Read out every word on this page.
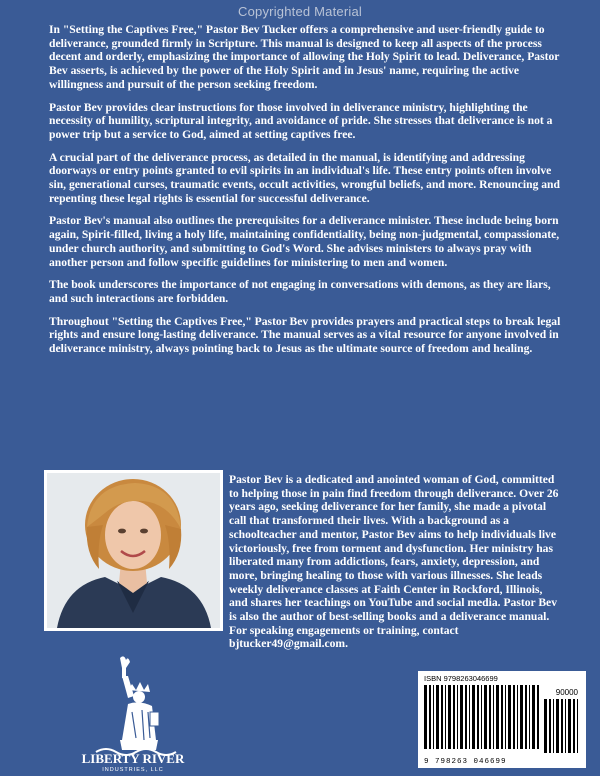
Copyrighted Material

In "Setting the Captives Free," Pastor Bev Tucker offers a comprehensive and user-friendly guide to deliverance, grounded firmly in Scripture. This manual is designed to keep all aspects of the process decent and orderly, emphasizing the importance of allowing the Holy Spirit to lead. Deliverance, Pastor Bev asserts, is achieved by the power of the Holy Spirit and in Jesus' name, requiring the active willingness and pursuit of the person seeking freedom.

Pastor Bev provides clear instructions for those involved in deliverance ministry, highlighting the necessity of humility, scriptural integrity, and avoidance of pride. She stresses that deliverance is not a power trip but a service to God, aimed at setting captives free.

A crucial part of the deliverance process, as detailed in the manual, is identifying and addressing doorways or entry points granted to evil spirits in an individual's life. These entry points often involve sin, generational curses, traumatic events, occult activities, wrongful beliefs, and more. Renouncing and repenting these legal rights is essential for successful deliverance.

Pastor Bev's manual also outlines the prerequisites for a deliverance minister. These include being born again, Spirit-filled, living a holy life, maintaining confidentiality, being non-judgmental, compassionate, under church authority, and submitting to God's Word. She advises ministers to always pray with another person and follow specific guidelines for ministering to men and women.

The book underscores the importance of not engaging in conversations with demons, as they are liars, and such interactions are forbidden.

Throughout "Setting the Captives Free," Pastor Bev provides prayers and practical steps to break legal rights and ensure long-lasting deliverance. The manual serves as a vital resource for anyone involved in deliverance ministry, always pointing back to Jesus as the ultimate source of freedom and healing.

Pastor Bev is a dedicated and anointed woman of God, committed to helping those in pain find freedom through deliverance. Over 26 years ago, seeking deliverance for her family, she made a pivotal call that transformed their lives. With a background as a schoolteacher and mentor, Pastor Bev aims to help individuals live victoriously, free from torment and dysfunction. Her ministry has liberated many from addictions, fears, anxiety, depression, and more, bringing healing to those with various illnesses. She leads weekly deliverance classes at Faith Center in Rockford, Illinois, and shares her teachings on YouTube and social media. Pastor Bev is also the author of best-selling books and a deliverance manual. For speaking engagements or training, contact bjtucker49@gmail.com.

LIBERTY RIVER
INDUSTRIES, LLC
ISBN 9798263046699
90000
9 798263 046699
